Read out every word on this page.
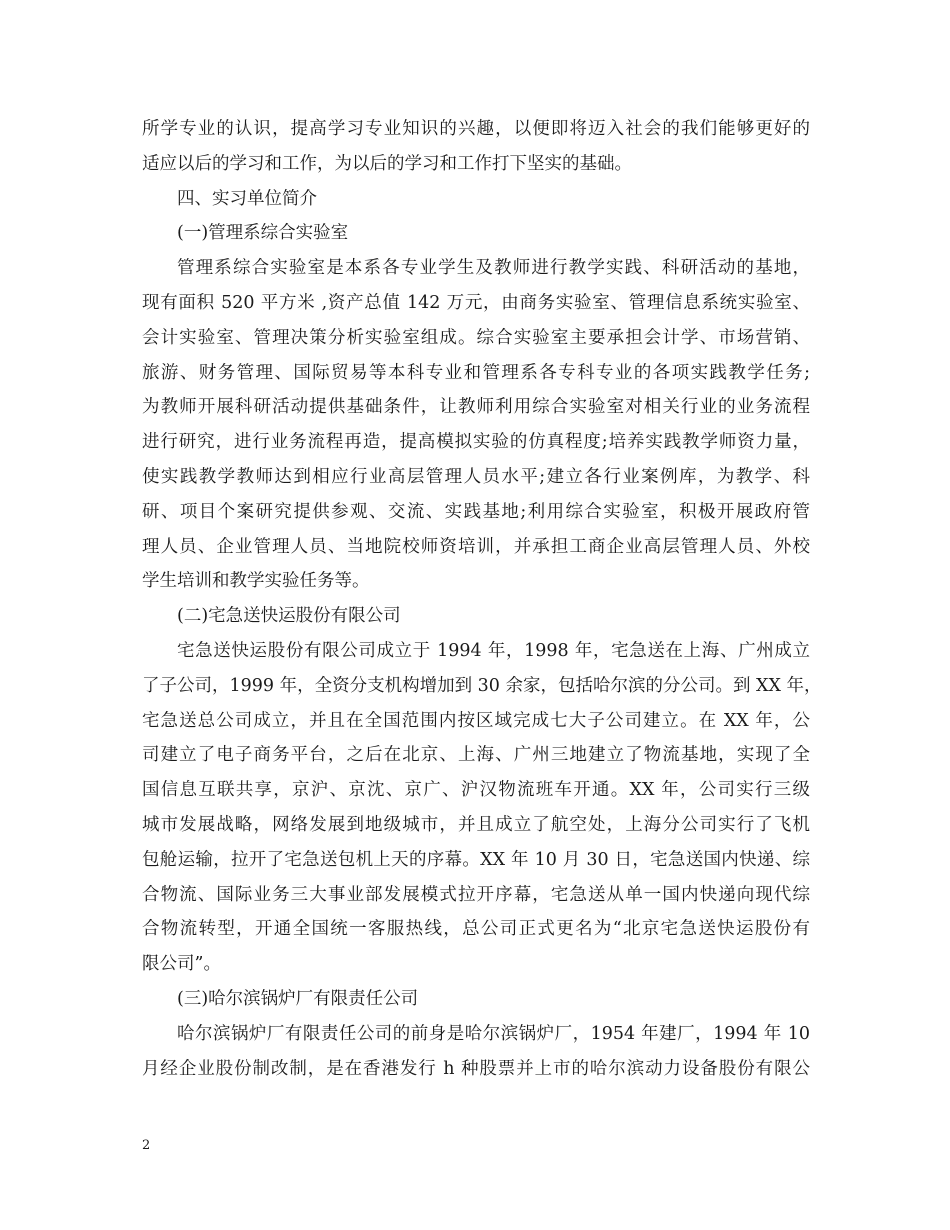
所学专业的认识，提高学习专业知识的兴趣，以便即将迈入社会的我们能够更好的
适应以后的学习和工作，为以后的学习和工作打下坚实的基础。
四、实习单位简介
(一)管理系综合实验室
管理系综合实验室是本系各专业学生及教师进行教学实践、科研活动的基地，
现有面积 520 平方米 ,资产总值 142 万元，由商务实验室、管理信息系统实验室、
会计实验室、管理决策分析实验室组成。综合实验室主要承担会计学、市场营销、
旅游、财务管理、国际贸易等本科专业和管理系各专科专业的各项实践教学任务;
为教师开展科研活动提供基础条件，让教师利用综合实验室对相关行业的业务流程
进行研究，进行业务流程再造，提高模拟实验的仿真程度;培养实践教学师资力量，
使实践教学教师达到相应行业高层管理人员水平;建立各行业案例库，为教学、科
研、项目个案研究提供参观、交流、实践基地;利用综合实验室，积极开展政府管
理人员、企业管理人员、当地院校师资培训，并承担工商企业高层管理人员、外校
学生培训和教学实验任务等。
(二)宅急送快运股份有限公司
宅急送快运股份有限公司成立于 1994 年，1998 年，宅急送在上海、广州成立
了子公司，1999 年，全资分支机构增加到 30 余家，包括哈尔滨的分公司。到 XX 年，
宅急送总公司成立，并且在全国范围内按区域完成七大子公司建立。在 XX 年，公
司建立了电子商务平台，之后在北京、上海、广州三地建立了物流基地，实现了全
国信息互联共享，京沪、京沈、京广、沪汉物流班车开通。XX 年，公司实行三级
城市发展战略，网络发展到地级城市，并且成立了航空处，上海分公司实行了飞机
包舱运输，拉开了宅急送包机上天的序幕。XX 年 10 月 30 日，宅急送国内快递、综
合物流、国际业务三大事业部发展模式拉开序幕，宅急送从单一国内快递向现代综
合物流转型，开通全国统一客服热线，总公司正式更名为“北京宅急送快运股份有
限公司”。
(三)哈尔滨锅炉厂有限责任公司
哈尔滨锅炉厂有限责任公司的前身是哈尔滨锅炉厂，1954 年建厂，1994 年 10
月经企业股份制改制，是在香港发行 h 种股票并上市的哈尔滨动力设备股份有限公
2
